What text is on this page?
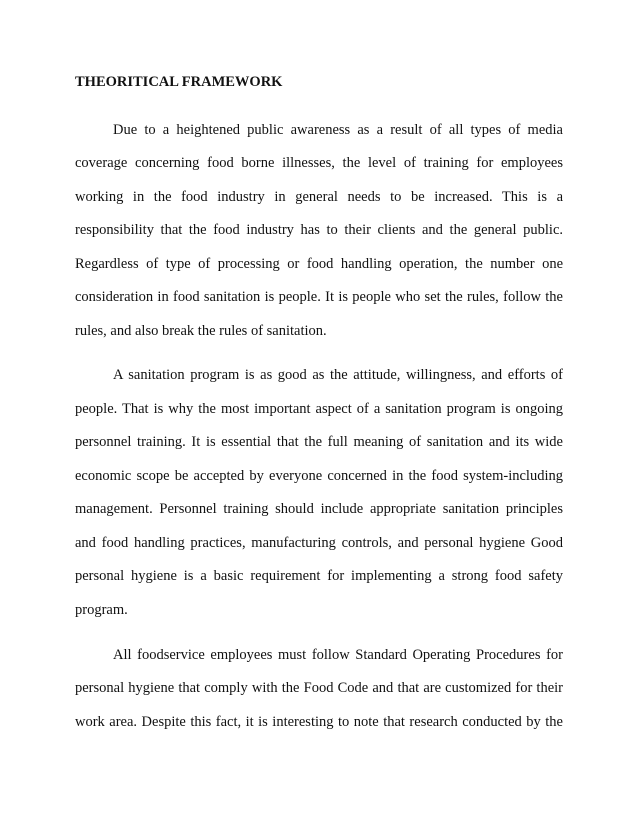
THEORITICAL FRAMEWORK
Due to a heightened public awareness as a result of all types of media
coverage concerning food borne illnesses, the level of training for employees
working in the food industry in general needs to be increased. This is a
responsibility that the food industry has to their clients and the general public.
Regardless of type of processing or food handling operation, the number one
consideration in food sanitation is people. It is people who set the rules, follow the
rules, and also break the rules of sanitation.
A sanitation program is as good as the attitude, willingness, and efforts of
people. That is why the most important aspect of a sanitation program is ongoing
personnel training. It is essential that the full meaning of sanitation and its wide
economic scope be accepted by everyone concerned in the food system-including
management. Personnel training should include appropriate sanitation principles
and food handling practices, manufacturing controls, and personal hygiene Good
personal hygiene is a basic requirement for implementing a strong food safety
program.
All foodservice employees must follow Standard Operating Procedures for
personal hygiene that comply with the Food Code and that are customized for their
work area. Despite this fact, it is interesting to note that research conducted by the
